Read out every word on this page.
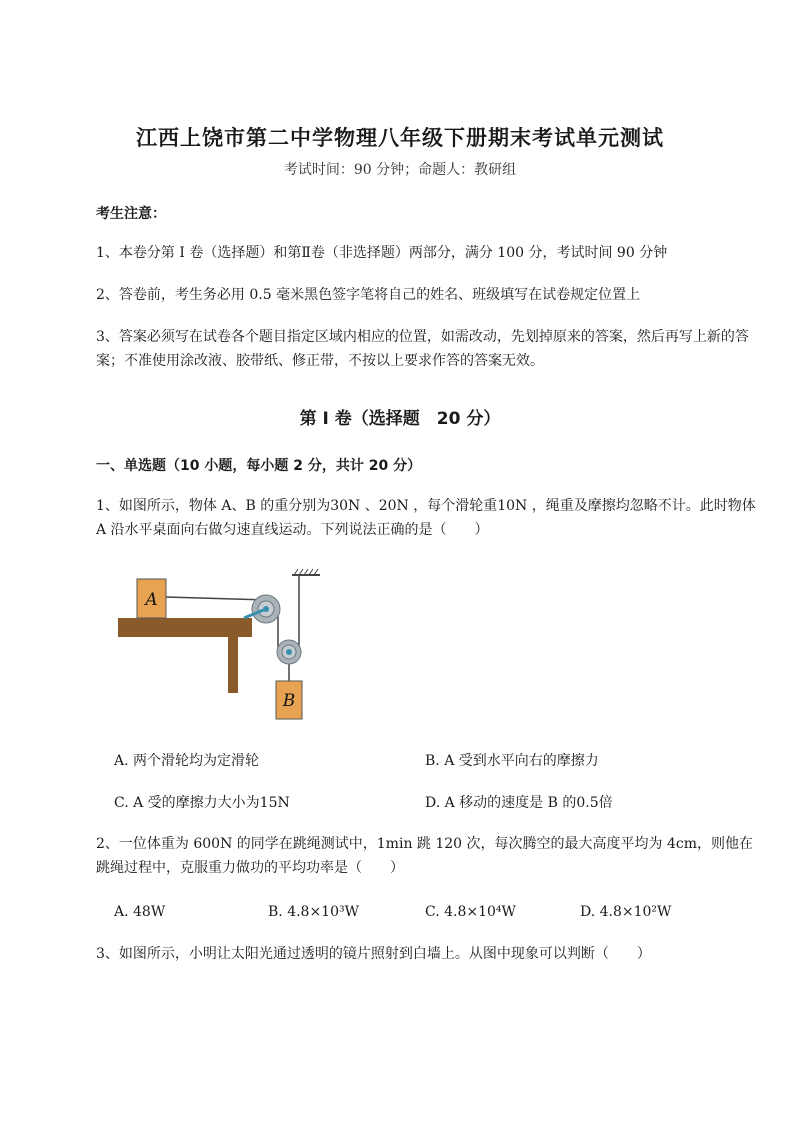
江西上饶市第二中学物理八年级下册期末考试单元测试
考试时间：90 分钟；命题人：教研组
考生注意：
1、本卷分第 I 卷（选择题）和第Ⅱ卷（非选择题）两部分，满分 100 分，考试时间 90 分钟
2、答卷前，考生务必用 0.5 毫米黑色签字笔将自己的姓名、班级填写在试卷规定位置上
3、答案必须写在试卷各个题目指定区域内相应的位置，如需改动，先划掉原来的答案，然后再写上新的答案；不准使用涂改液、胶带纸、修正带，不按以上要求作答的答案无效。
第 I 卷（选择题　20 分）
一、单选题（10 小题，每小题 2 分，共计 20 分）
1、如图所示，物体 A、B 的重分别为30N 、20N ，每个滑轮重10N ，绳重及摩擦均忽略不计。此时物体 A 沿水平桌面向右做匀速直线运动。下列说法正确的是（　　）
A
B
A. 两个滑轮均为定滑轮	B. A 受到水平向右的摩擦力
C. A 受的摩擦力大小为15N	D. A 移动的速度是 B 的0.5倍
2、一位体重为 600N 的同学在跳绳测试中，1min 跳 120 次，每次腾空的最大高度平均为 4cm，则他在跳绳过程中，克服重力做功的平均功率是（　　）
A. 48W	B. 4.8×10³W	C. 4.8×10⁴W	D. 4.8×10²W
3、如图所示，小明让太阳光通过透明的镜片照射到白墙上。从图中现象可以判断（　　）
